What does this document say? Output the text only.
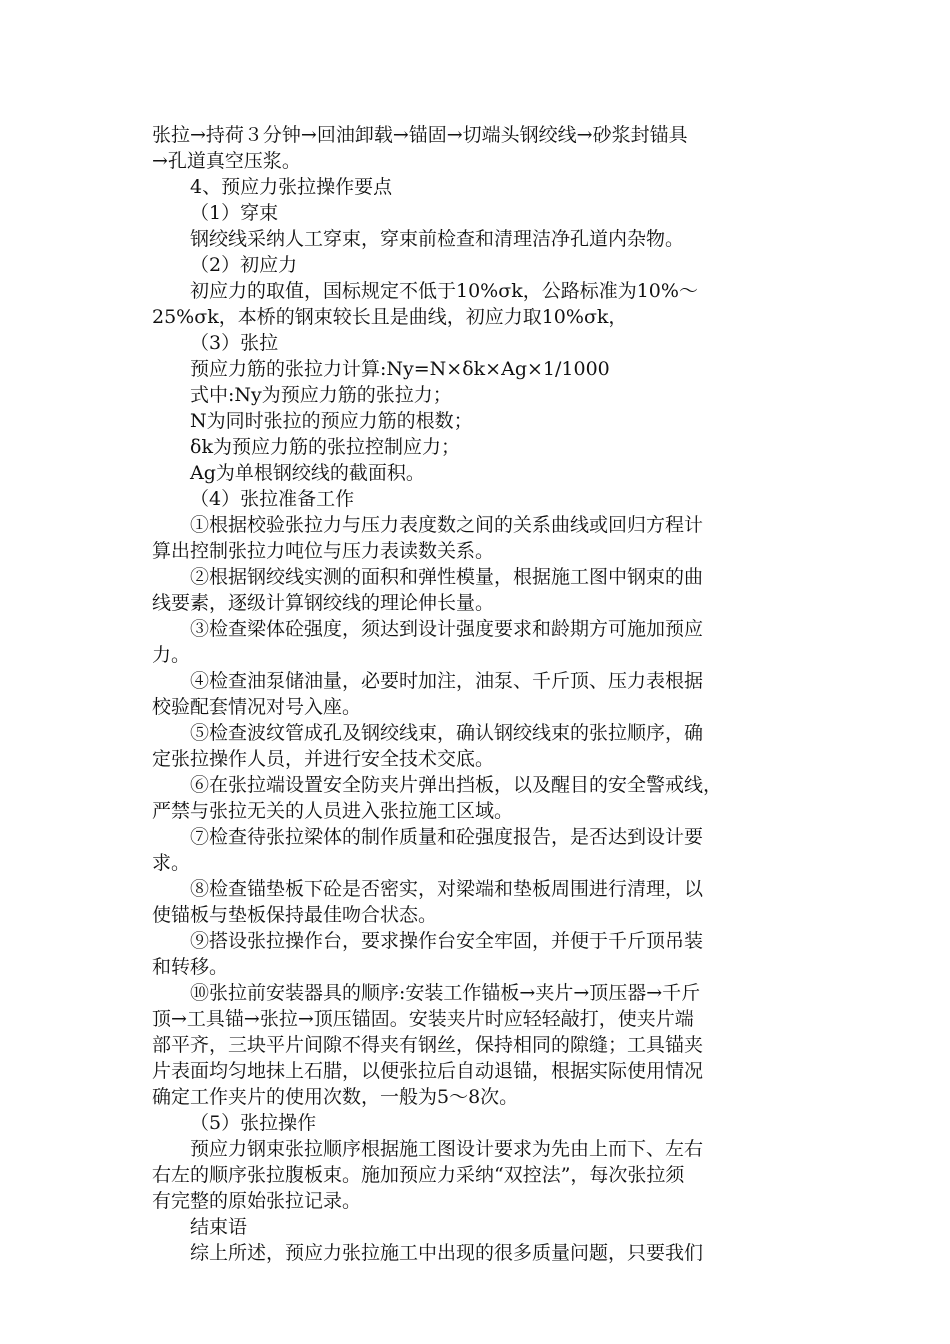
张拉→持荷３分钟→回油卸载→锚固→切端头钢绞线→砂浆封锚具
→孔道真空压浆。
4、预应力张拉操作要点
（1）穿束
钢绞线采纳人工穿束，穿束前检查和清理洁净孔道内杂物。
（2）初应力
初应力的取值，国标规定不低于10%σk，公路标准为10%～
25%σk，本桥的钢束较长且是曲线，初应力取10%σk，
（3）张拉
预应力筋的张拉力计算:Ny=N×δk×Ag×1/1000
式中:Ny为预应力筋的张拉力；
N为同时张拉的预应力筋的根数；
δk为预应力筋的张拉控制应力；
Ag为单根钢绞线的截面积。
（4）张拉准备工作
①根据校验张拉力与压力表度数之间的关系曲线或回归方程计
算出控制张拉力吨位与压力表读数关系。
②根据钢绞线实测的面积和弹性模量，根据施工图中钢束的曲
线要素，逐级计算钢绞线的理论伸长量。
③检查梁体砼强度，须达到设计强度要求和龄期方可施加预应
力。
④检查油泵储油量，必要时加注，油泵、千斤顶、压力表根据
校验配套情况对号入座。
⑤检查波纹管成孔及钢绞线束，确认钢绞线束的张拉顺序，确
定张拉操作人员，并进行安全技术交底。
⑥在张拉端设置安全防夹片弹出挡板，以及醒目的安全警戒线，
严禁与张拉无关的人员进入张拉施工区域。
⑦检查待张拉梁体的制作质量和砼强度报告，是否达到设计要
求。
⑧检查锚垫板下砼是否密实，对梁端和垫板周围进行清理，以
使锚板与垫板保持最佳吻合状态。
⑨搭设张拉操作台，要求操作台安全牢固，并便于千斤顶吊装
和转移。
⑩张拉前安装器具的顺序:安装工作锚板→夹片→顶压器→千斤
顶→工具锚→张拉→顶压锚固。安装夹片时应轻轻敲打，使夹片端
部平齐，三块平片间隙不得夹有钢丝，保持相同的隙缝；工具锚夹
片表面均匀地抹上石腊，以便张拉后自动退锚，根据实际使用情况
确定工作夹片的使用次数，一般为5～8次。
（5）张拉操作
预应力钢束张拉顺序根据施工图设计要求为先由上而下、左右
右左的顺序张拉腹板束。施加预应力采纳“双控法”，每次张拉须
有完整的原始张拉记录。
结束语
综上所述，预应力张拉施工中出现的很多质量问题，只要我们
